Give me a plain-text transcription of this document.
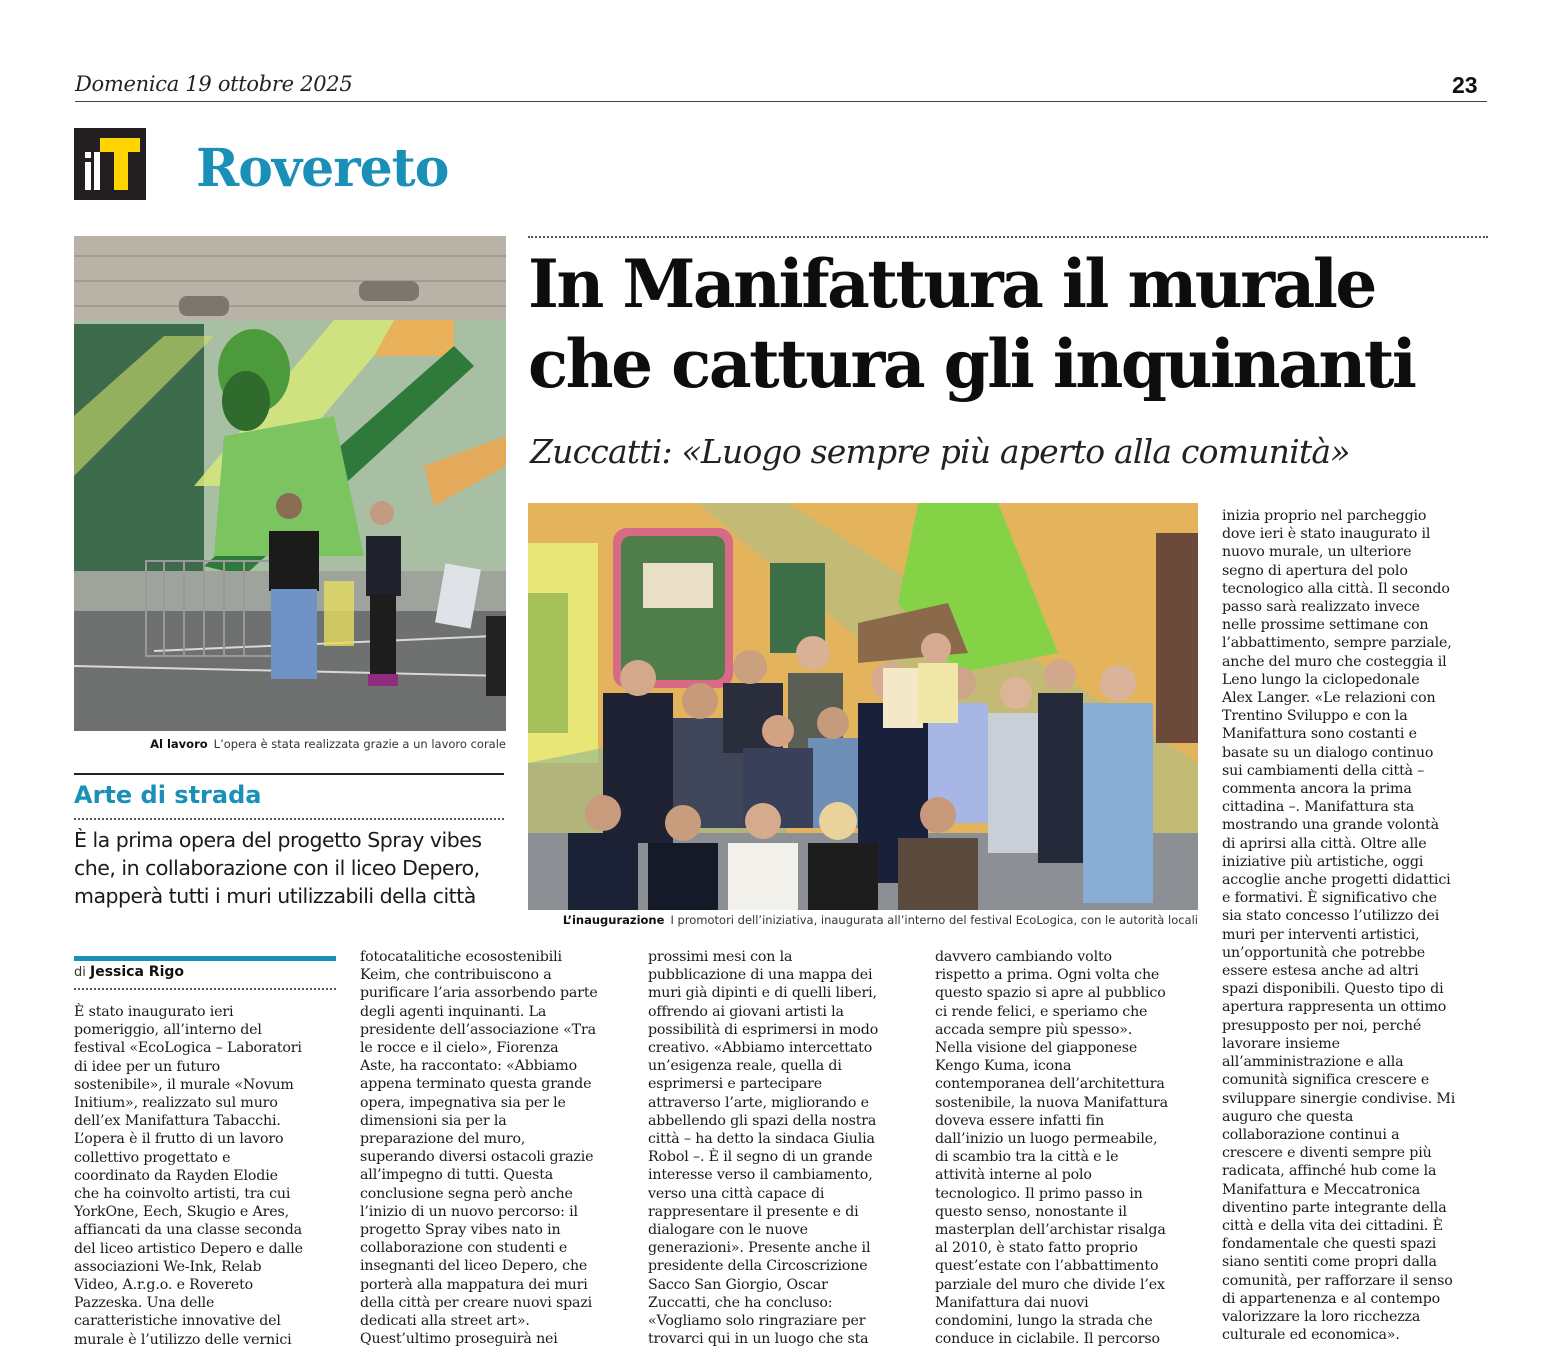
Domenica 19 ottobre 2025	23
Rovereto
Al lavoro L’opera è stata realizzata grazie a un lavoro corale
Arte di strada
È la prima opera del progetto Spray vibes
che, in collaborazione con il liceo Depero,
mapperà tutti i muri utilizzabili della città
In Manifattura il murale
che cattura gli inquinanti
Zuccatti: «Luogo sempre più aperto alla comunità»
L’inaugurazione I promotori dell’iniziativa, inaugurata all’interno del festival EcoLogica, con le autorità locali
di Jessica Rigo

È stato inaugurato ieri

pomeriggio, all’interno del

festival «EcoLogica – Laboratori

di idee per un futuro

sostenibile», il murale «Novum

Initium», realizzato sul muro

dell’ex Manifattura Tabacchi.

L’opera è il frutto di un lavoro

collettivo progettato e

coordinato da Rayden Elodie

che ha coinvolto artisti, tra cui

YorkOne, Eech, Skugio e Ares,

affiancati da una classe seconda

del liceo artistico Depero e dalle

associazioni We-Ink, Relab

Video, A.r.g.o. e Rovereto

Pazzeska. Una delle

caratteristiche innovative del

murale è l’utilizzo delle vernici

fotocatalitiche ecosostenibili

Keim, che contribuiscono a

purificare l’aria assorbendo parte

degli agenti inquinanti. La

presidente dell’associazione «Tra

le rocce e il cielo», Fiorenza

Aste, ha raccontato: «Abbiamo

appena terminato questa grande

opera, impegnativa sia per le

dimensioni sia per la

preparazione del muro,

superando diversi ostacoli grazie

all’impegno di tutti. Questa

conclusione segna però anche

l’inizio di un nuovo percorso: il

progetto Spray vibes nato in

collaborazione con studenti e

insegnanti del liceo Depero, che

porterà alla mappatura dei muri

della città per creare nuovi spazi

dedicati alla street art».

Quest’ultimo proseguirà nei

prossimi mesi con la

pubblicazione di una mappa dei

muri già dipinti e di quelli liberi,

offrendo ai giovani artisti la

possibilità di esprimersi in modo

creativo. «Abbiamo intercettato

un’esigenza reale, quella di

esprimersi e partecipare

attraverso l’arte, migliorando e

abbellendo gli spazi della nostra

città – ha detto la sindaca Giulia

Robol –. È il segno di un grande

interesse verso il cambiamento,

verso una città capace di

rappresentare il presente e di

dialogare con le nuove

generazioni». Presente anche il

presidente della Circoscrizione

Sacco San Giorgio, Oscar

Zuccatti, che ha concluso:

«Vogliamo solo ringraziare per

trovarci qui in un luogo che sta

davvero cambiando volto

rispetto a prima. Ogni volta che

questo spazio si apre al pubblico

ci rende felici, e speriamo che

accada sempre più spesso».

Nella visione del giapponese

Kengo Kuma, icona

contemporanea dell’architettura

sostenibile, la nuova Manifattura

doveva essere infatti fin

dall’inizio un luogo permeabile,

di scambio tra la città e le

attività interne al polo

tecnologico. Il primo passo in

questo senso, nonostante il

masterplan dell’archistar risalga

al 2010, è stato fatto proprio

quest’estate con l’abbattimento

parziale del muro che divide l’ex

Manifattura dai nuovi

condomini, lungo la strada che

conduce in ciclabile. Il percorso

inizia proprio nel parcheggio

dove ieri è stato inaugurato il

nuovo murale, un ulteriore

segno di apertura del polo

tecnologico alla città. Il secondo

passo sarà realizzato invece

nelle prossime settimane con

l’abbattimento, sempre parziale,

anche del muro che costeggia il

Leno lungo la ciclopedonale

Alex Langer. «Le relazioni con

Trentino Sviluppo e con la

Manifattura sono costanti e

basate su un dialogo continuo

sui cambiamenti della città –

commenta ancora la prima

cittadina –. Manifattura sta

mostrando una grande volontà

di aprirsi alla città. Oltre alle

iniziative più artistiche, oggi

accoglie anche progetti didattici

e formativi. È significativo che

sia stato concesso l’utilizzo dei

muri per interventi artistici,

un’opportunità che potrebbe

essere estesa anche ad altri

spazi disponibili. Questo tipo di

apertura rappresenta un ottimo

presupposto per noi, perché

lavorare insieme

all’amministrazione e alla

comunità significa crescere e

sviluppare sinergie condivise. Mi

auguro che questa

collaborazione continui a

crescere e diventi sempre più

radicata, affinché hub come la

Manifattura e Meccatronica

diventino parte integrante della

città e della vita dei cittadini. È

fondamentale che questi spazi

siano sentiti come propri dalla

comunità, per rafforzare il senso

di appartenenza e al contempo

valorizzare la loro ricchezza

culturale ed economica».
